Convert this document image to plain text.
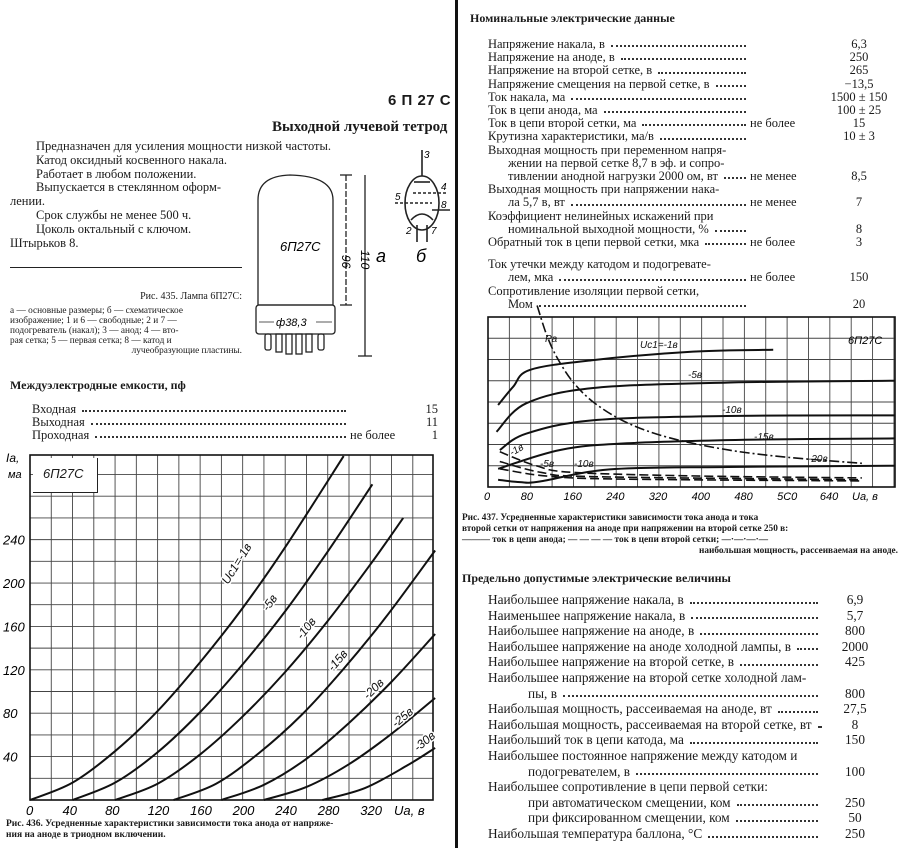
6 П 27 С
Выходной лучевой тетрод
Предназначен для усиления мощности низкой частоты.
Катод оксидный косвенного накала.
Работает в любом положении.
Выпускается в стеклянном оформ-
лении.
Срок службы не менее 500 ч.
Цоколь октальный с ключом.
Штырьков 8.
Рис. 435. Лампа 6П27С:
а — основные размеры; б — схематическое
изображение; 1 и 6 — свободные; 2 и 7 —
подогреватель (накал); 3 — анод; 4 — вто-
рая сетка; 5 — первая сетка; 8 — катод и
лучеобразующие пластины.
6П27С
96 110
ф38,3
а
3
4
5
8
2 7
б
Междуэлектродные емкости, пф
Входная	15
Выходная	11
Проходная	не более	1
0 40 80 120 160 200 240 280 320
40
80
120
160
200
240
0	80	160 240 320 400 480 5С0 640
Uс1=-1в
-5в
-10в
-15в
-20в
-25в
-30в
Uс1=-1в
-5в
-10в
-15в
-20в
-1в
-5в -10в
Pа
Iа,
ма
Uа, в
Uа, в
6П27С
6П27С
Рис. 436. Усредненные характеристики зависимости тока анода от напряже-
ния на аноде в триодном включении.
Номинальные электрические данные
Напряжение накала, в	6,3
Напряжение на аноде, в	250
Напряжение на второй сетке, в	265
Напряжение смещения на первой сетке, в	−13,5
Ток накала, ма	1500 ± 150
Ток в цепи анода, ма	100 ± 25
Ток в цепи второй сетки, ма	не более	15
Крутизна характеристики, ма/в	10 ± 3
Выходная мощность при переменном напря-
жении на первой сетке 8,7 в эф. и сопро-
тивлении анодной нагрузки 2000 ом, вт	не менее	8,5
Выходная мощность при напряжении нака-
ла 5,7 в, вт	не менее	7
Коэффициент нелинейных искажений при
номинальной выходной мощности, %	8
Обратный ток в цепи первой сетки, мка	не более	3
Ток утечки между катодом и подогревате-
лем, мка	не более	150
Сопротивление изоляции первой сетки,
Мом	20
Рис. 437. Усредненные характеристики зависимости тока анода и тока
второй сетки от напряжения на аноде при напряжении на второй сетке 250 в:
——— ток в цепи анода; — — — — ток в цепи второй сетки; —·—·—·—
наибольшая мощность, рассеиваемая на аноде.
Предельно допустимые электрические величины
Наибольшее напряжение накала, в	6,9
Наименьшее напряжение накала, в	5,7
Наибольшее напряжение на аноде, в	800
Наибольшее напряжение на аноде холодной лампы, в	2000
Наибольшее напряжение на второй сетке, в	425
Наибольшее напряжение на второй сетке холодной лам-
пы, в	800
Наибольшая мощность, рассеиваемая на аноде, вт	27,5
Наибольшая мощность, рассеиваемая на второй сетке, вт	8
Наибольший ток в цепи катода, ма	150
Наибольшее постоянное напряжение между катодом и
подогревателем, в	100
Наибольшее сопротивление в цепи первой сетки:
при автоматическом смещении, ком	250
при фиксированном смещении, ком	50
Наибольшая температура баллона, °С	250
